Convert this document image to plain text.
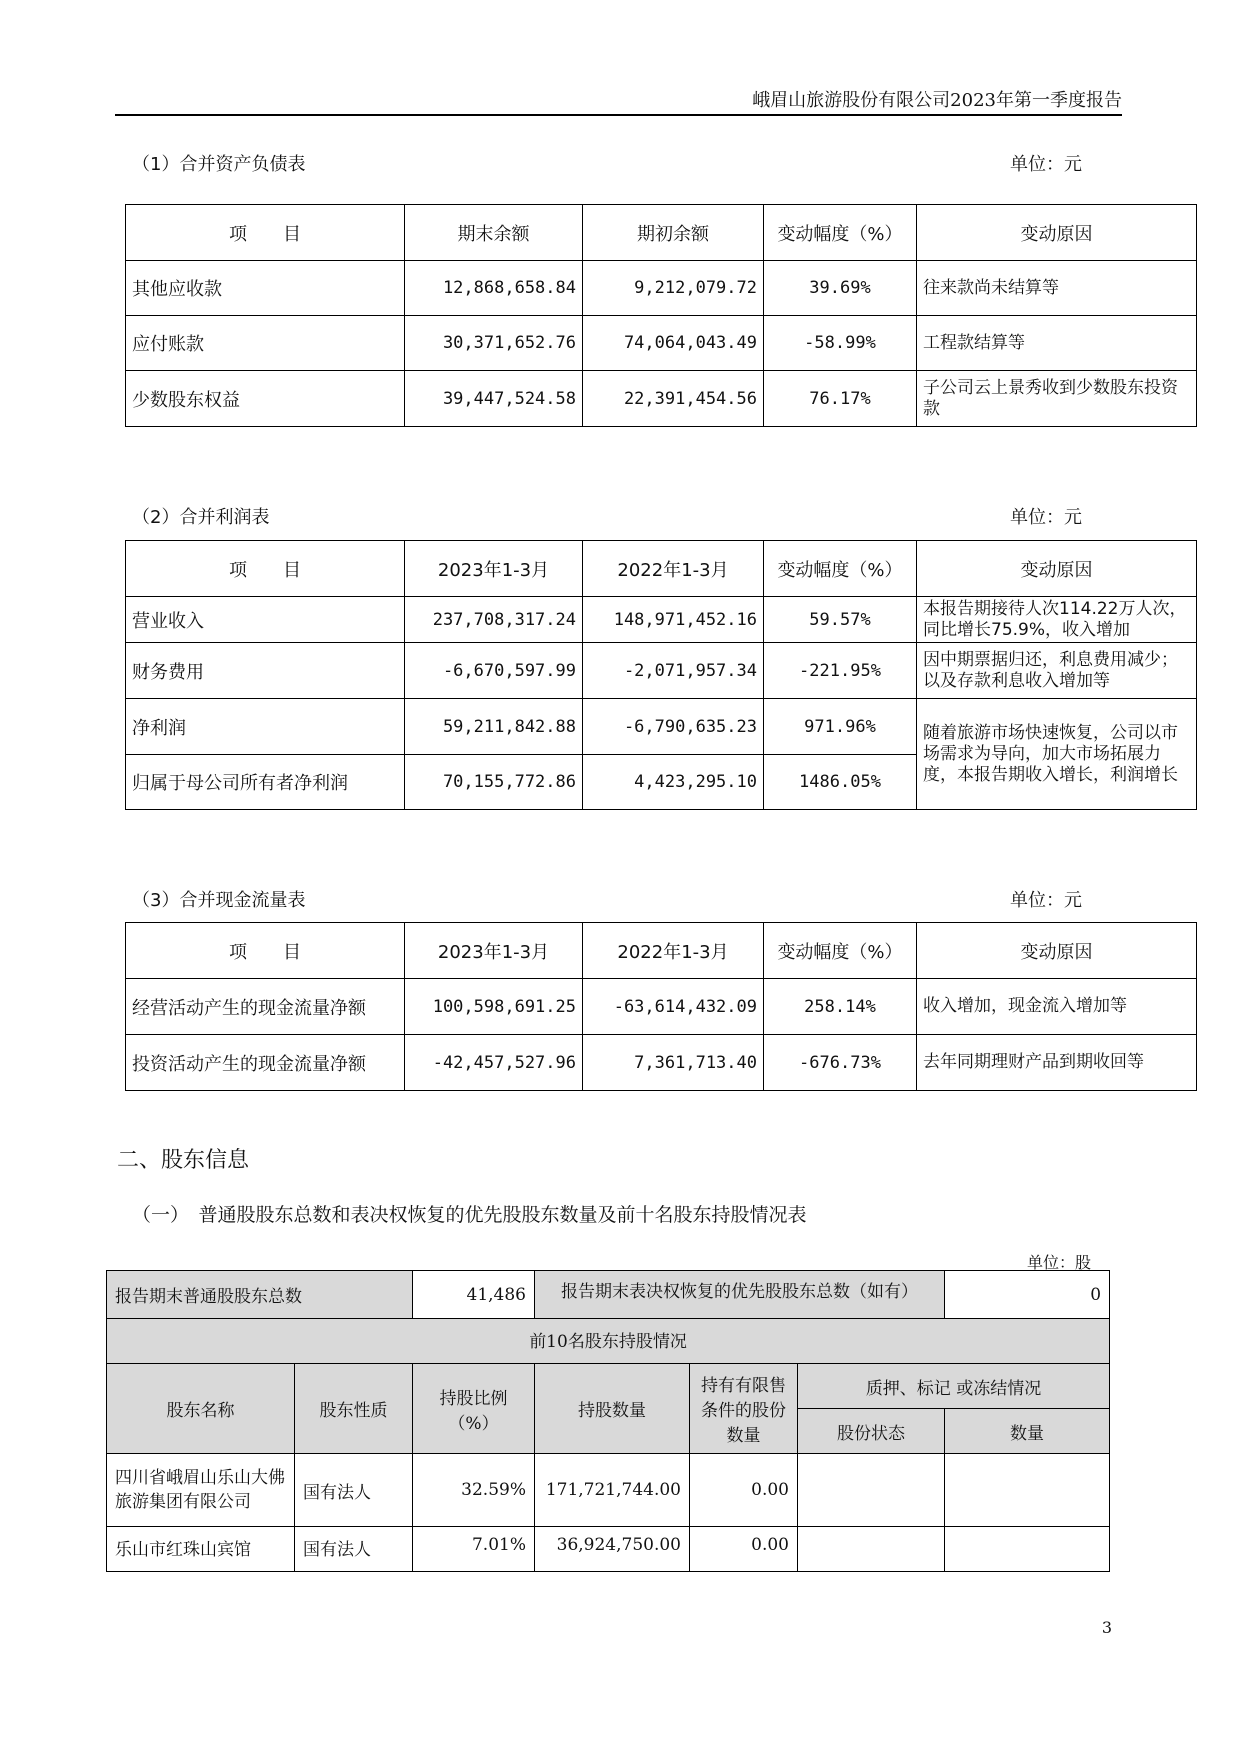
峨眉山旅游股份有限公司2023年第一季度报告
（1）合并资产负债表	单位：元
项　　目	期末余额	期初余额	变动幅度（%）	变动原因
其他应收款	12,868,658.84	9,212,079.72	39.69%	往来款尚未结算等
应付账款	30,371,652.76	74,064,043.49	-58.99%	工程款结算等
少数股东权益	39,447,524.58	22,391,454.56	76.17%	子公司云上景秀收到少数股东投资款
（2）合并利润表	单位：元
项　　目	2023年1-3月	2022年1-3月	变动幅度（%）	变动原因
营业收入	237,708,317.24	148,971,452.16	59.57%	本报告期接待人次114.22万人次，同比增长75.9%，收入增加
财务费用	-6,670,597.99	-2,071,957.34	-221.95%	因中期票据归还，利息费用减少；以及存款利息收入增加等
净利润	59,211,842.88	-6,790,635.23	971.96%	随着旅游市场快速恢复，公司以市场需求为导向，加大市场拓展力度，本报告期收入增长，利润增长
归属于母公司所有者净利润	70,155,772.86	4,423,295.10	1486.05%	
（3）合并现金流量表	单位：元
项　　目	2023年1-3月	2022年1-3月	变动幅度（%）	变动原因
经营活动产生的现金流量净额	100,598,691.25	-63,614,432.09	258.14%	收入增加，现金流入增加等
投资活动产生的现金流量净额	-42,457,527.96	7,361,713.40	-676.73%	去年同期理财产品到期收回等
二、股东信息
（一）　普通股股东总数和表决权恢复的优先股股东数量及前十名股东持股情况表
单位：股
报告期末普通股股东总数		41,486	报告期末表决权恢复的优先股股东总数（如有）			0
前10名股东持股情况						
股东名称	股东性质	持股比例（%）	持股数量	持有有限售条件的股份数量	质押、标记 或冻结情况	
					股份状态	数量
四川省峨眉山乐山大佛旅游集团有限公司	国有法人	32.59%	171,721,744.00	0.00		
乐山市红珠山宾馆	国有法人	7.01%	36,924,750.00	0.00		
3
